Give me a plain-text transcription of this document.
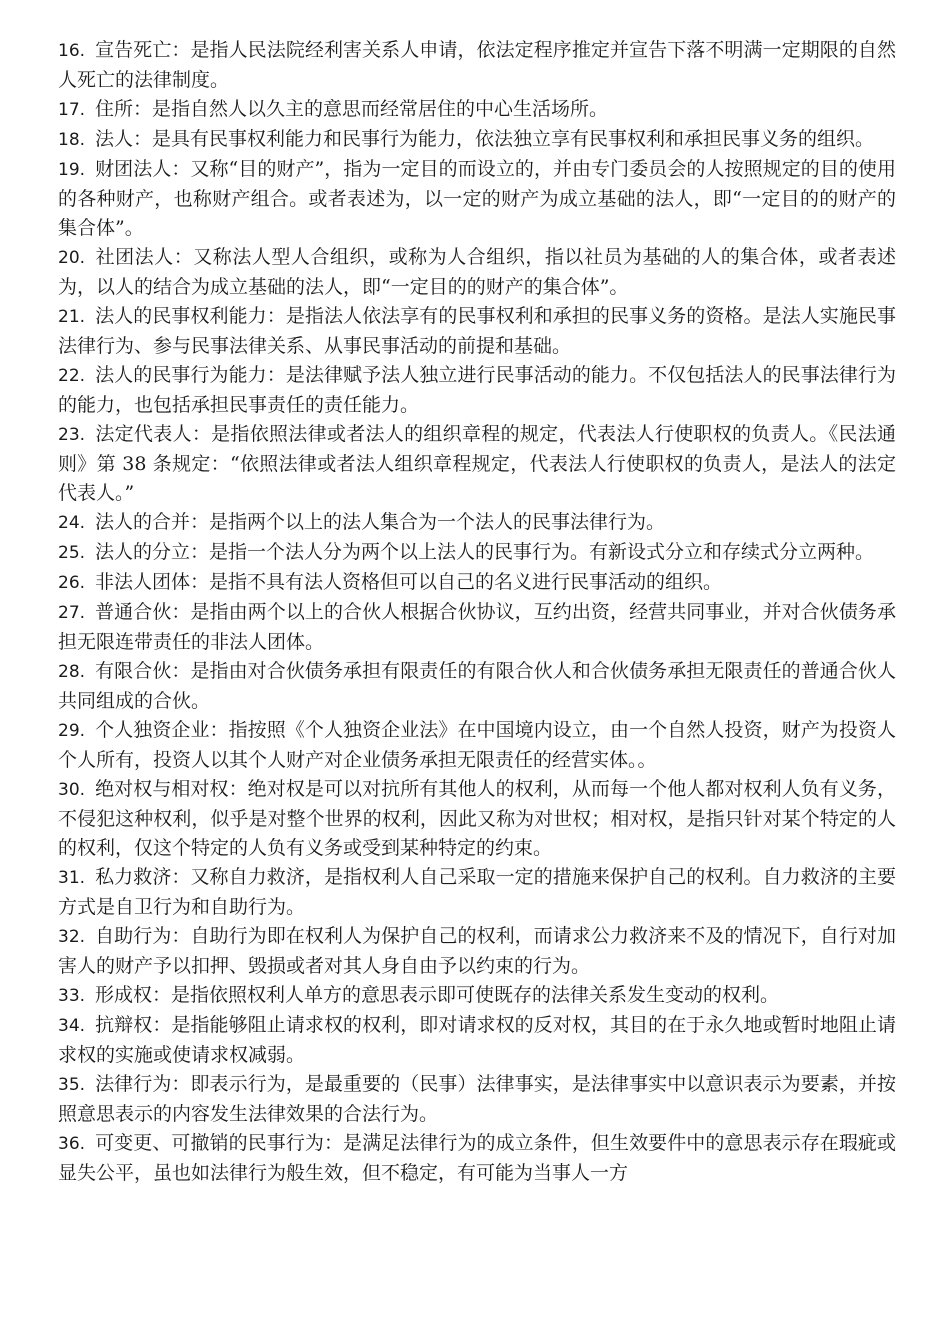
16. 宣告死亡：是指人民法院经利害关系人申请，依法定程序推定并宣告下落不明满一定期限的自然人死亡的法律制度。

17. 住所：是指自然人以久主的意思而经常居住的中心生活场所。

18. 法人：是具有民事权利能力和民事行为能力，依法独立享有民事权利和承担民事义务的组织。

19. 财团法人：又称“目的财产”，指为一定目的而设立的，并由专门委员会的人按照规定的目的使用的各种财产，也称财产组合。或者表述为，以一定的财产为成立基础的法人，即“一定目的的财产的集合体”。

20. 社团法人：又称法人型人合组织，或称为人合组织，指以社员为基础的人的集合体，或者表述为，以人的结合为成立基础的法人，即“一定目的的财产的集合体”。

21. 法人的民事权利能力：是指法人依法享有的民事权利和承担的民事义务的资格。是法人实施民事法律行为、参与民事法律关系、从事民事活动的前提和基础。

22. 法人的民事行为能力：是法律赋予法人独立进行民事活动的能力。不仅包括法人的民事法律行为的能力，也包括承担民事责任的责任能力。

23. 法定代表人：是指依照法律或者法人的组织章程的规定，代表法人行使职权的负责人。《民法通则》第 38 条规定：“依照法律或者法人组织章程规定，代表法人行使职权的负责人，是法人的法定代表人。”

24. 法人的合并：是指两个以上的法人集合为一个法人的民事法律行为。

25. 法人的分立：是指一个法人分为两个以上法人的民事行为。有新设式分立和存续式分立两种。

26. 非法人团体：是指不具有法人资格但可以自己的名义进行民事活动的组织。

27. 普通合伙：是指由两个以上的合伙人根据合伙协议，互约出资，经营共同事业，并对合伙债务承担无限连带责任的非法人团体。

28. 有限合伙：是指由对合伙债务承担有限责任的有限合伙人和合伙债务承担无限责任的普通合伙人共同组成的合伙。

29. 个人独资企业：指按照《个人独资企业法》在中国境内设立，由一个自然人投资，财产为投资人个人所有，投资人以其个人财产对企业债务承担无限责任的经营实体。。

30. 绝对权与相对权：绝对权是可以对抗所有其他人的权利，从而每一个他人都对权利人负有义务，不侵犯这种权利，似乎是对整个世界的权利，因此又称为对世权；相对权，是指只针对某个特定的人的权利，仅这个特定的人负有义务或受到某种特定的约束。

31. 私力救济：又称自力救济，是指权利人自己采取一定的措施来保护自己的权利。自力救济的主要方式是自卫行为和自助行为。

32. 自助行为：自助行为即在权利人为保护自己的权利，而请求公力救济来不及的情况下，自行对加害人的财产予以扣押、毁损或者对其人身自由予以约束的行为。

33. 形成权：是指依照权利人单方的意思表示即可使既存的法律关系发生变动的权利。

34. 抗辩权：是指能够阻止请求权的权利，即对请求权的反对权，其目的在于永久地或暂时地阻止请求权的实施或使请求权减弱。

35. 法律行为：即表示行为，是最重要的（民事）法律事实，是法律事实中以意识表示为要素，并按照意思表示的内容发生法律效果的合法行为。

36. 可变更、可撤销的民事行为：是满足法律行为的成立条件，但生效要件中的意思表示存在瑕疵或显失公平，虽也如法律行为般生效，但不稳定，有可能为当事人一方
